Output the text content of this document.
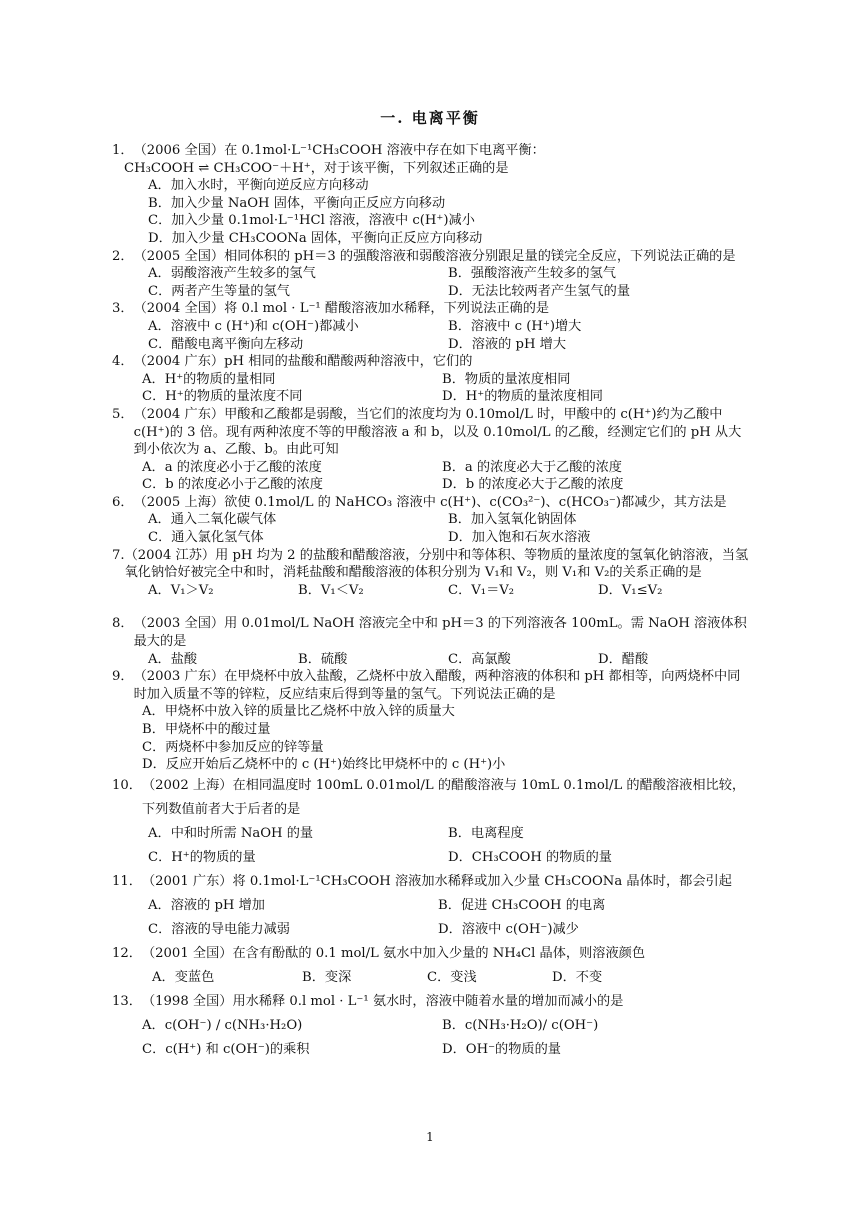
一. 电离平衡
1． （2006 全国）在 0.1mol·L⁻¹CH₃COOH 溶液中存在如下电离平衡：
CH₃COOH ⇌ CH₃COO⁻＋H⁺，对于该平衡，下列叙述正确的是
A．加入水时，平衡向逆反应方向移动
B．加入少量 NaOH 固体，平衡向正反应方向移动
C．加入少量 0.1mol·L⁻¹HCl 溶液，溶液中 c(H⁺)减小
D．加入少量 CH₃COONa 固体，平衡向正反应方向移动
2． （2005 全国）相同体积的 pH＝3 的强酸溶液和弱酸溶液分别跟足量的镁完全反应，下列说法正确的是
A．弱酸溶液产生较多的氢气	B．强酸溶液产生较多的氢气
C．两者产生等量的氢气	D．无法比较两者产生氢气的量
3． （2004 全国）将 0.l mol · L⁻¹ 醋酸溶液加水稀释，下列说法正确的是
A．溶液中 c (H⁺)和 c(OH⁻)都减小	B．溶液中 c (H⁺)增大
C．醋酸电离平衡向左移动	D．溶液的 pH 增大
4． （2004 广东）pH 相同的盐酸和醋酸两种溶液中，它们的
A．H⁺的物质的量相同	B．物质的量浓度相同
C．H⁺的物质的量浓度不同	D．H⁺的物质的量浓度相同
5． （2004 广东）甲酸和乙酸都是弱酸，当它们的浓度均为 0.10mol/L 时，甲酸中的 c(H⁺)约为乙酸中 c(H⁺)的 3 倍。现有两种浓度不等的甲酸溶液 a 和 b，以及 0.10mol/L 的乙酸，经测定它们的 pH 从大到小依次为 a、乙酸、b。由此可知
A．a 的浓度必小于乙酸的浓度	B．a 的浓度必大于乙酸的浓度
C．b 的浓度必小于乙酸的浓度	D．b 的浓度必大于乙酸的浓度
6． （2005 上海）欲使 0.1mol/L 的 NaHCO₃ 溶液中 c(H⁺)、c(CO₃²⁻)、c(HCO₃⁻)都减少，其方法是
A．通入二氧化碳气体	B．加入氢氧化钠固体
C．通入氯化氢气体	D．加入饱和石灰水溶液
7. （2004 江苏）用 pH 均为 2 的盐酸和醋酸溶液，分别中和等体积、等物质的量浓度的氢氧化钠溶液，当氢氧化钠恰好被完全中和时，消耗盐酸和醋酸溶液的体积分别为 V₁和 V₂，则 V₁和 V₂的关系正确的是
A．V₁＞V₂	B．V₁＜V₂	C．V₁＝V₂	D．V₁≤V₂
8． （2003 全国）用 0.01mol/L NaOH 溶液完全中和 pH＝3 的下列溶液各 100mL。需 NaOH 溶液体积最大的是
A．盐酸	B．硫酸	C．高氯酸	D．醋酸
9． （2003 广东）在甲烧杯中放入盐酸，乙烧杯中放入醋酸，两种溶液的体积和 pH 都相等，向两烧杯中同时加入质量不等的锌粒，反应结束后得到等量的氢气。下列说法正确的是
A．甲烧杯中放入锌的质量比乙烧杯中放入锌的质量大
B．甲烧杯中的酸过量
C．两烧杯中参加反应的锌等量
D．反应开始后乙烧杯中的 c (H⁺)始终比甲烧杯中的 c (H⁺)小
10． （2002 上海）在相同温度时 100mL 0.01mol/L 的醋酸溶液与 10mL 0.1mol/L 的醋酸溶液相比较，下列数值前者大于后者的是
A．中和时所需 NaOH 的量	B．电离程度
C．H⁺的物质的量	D．CH₃COOH 的物质的量
11． （2001 广东）将 0.1mol·L⁻¹CH₃COOH 溶液加水稀释或加入少量 CH₃COONa 晶体时，都会引起
A．溶液的 pH 增加	B．促进 CH₃COOH 的电离
C．溶液的导电能力减弱	D．溶液中 c(OH⁻)减少
12． （2001 全国）在含有酚酞的 0.1 mol/L 氨水中加入少量的 NH₄Cl 晶体，则溶液颜色
A．变蓝色	B．变深	C．变浅	D．不变
13． （1998 全国）用水稀释 0.l mol · L⁻¹ 氨水时，溶液中随着水量的增加而减小的是
A．c(OH⁻) / c(NH₃·H₂O)	B．c(NH₃·H₂O)/ c(OH⁻)
C．c(H⁺) 和 c(OH⁻)的乘积	D．OH⁻的物质的量
1
